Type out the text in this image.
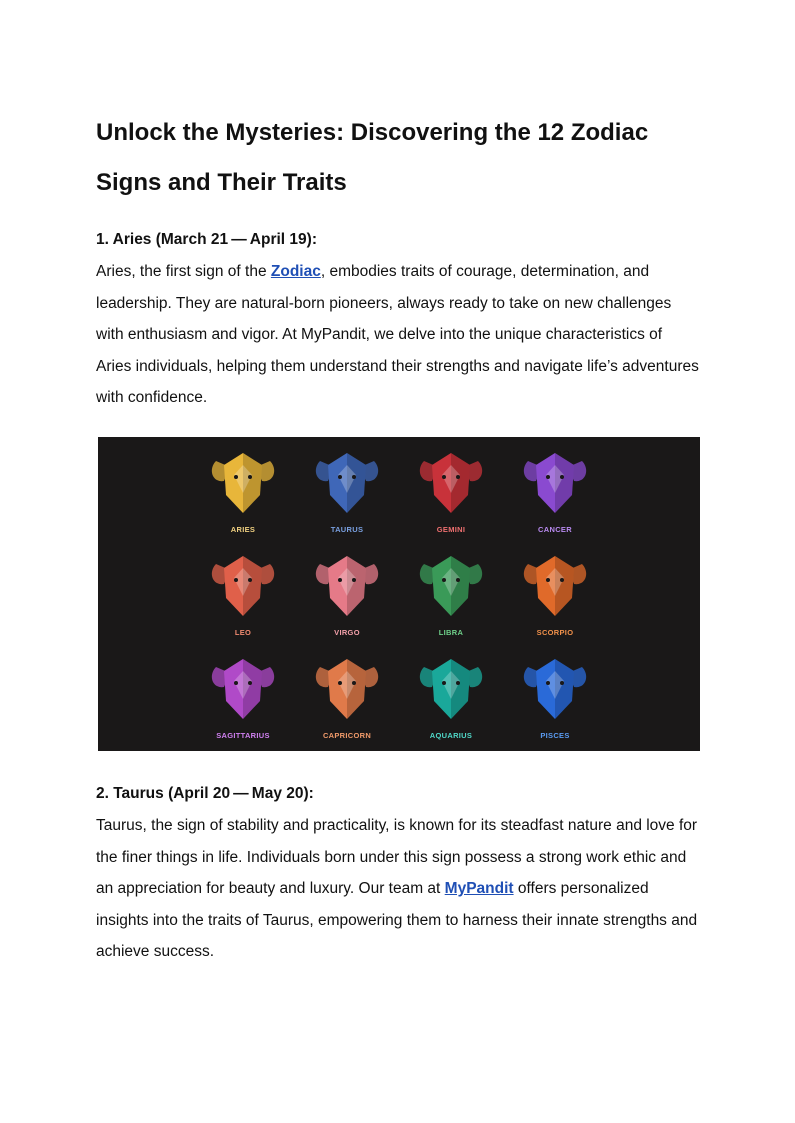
Unlock the Mysteries: Discovering the 12 Zodiac Signs and Their Traits

1. Aries (March 21 — April 19):

Aries, the first sign of the Zodiac, embodies traits of courage, determination, and leadership. They are natural-born pioneers, always ready to take on new challenges with enthusiasm and vigor. At MyPandit, we delve into the unique characteristics of Aries individuals, helping them understand their strengths and navigate life’s adventures with confidence.

ARIES	TAURUS	GEMINI	CANCER
LEO	VIRGO	LIBRA	SCORPIO
SAGITTARIUS	CAPRICORN	AQUARIUS	PISCES

2. Taurus (April 20 — May 20):

Taurus, the sign of stability and practicality, is known for its steadfast nature and love for the finer things in life. Individuals born under this sign possess a strong work ethic and an appreciation for beauty and luxury. Our team at MyPandit offers personalized insights into the traits of Taurus, empowering them to harness their innate strengths and achieve success.
